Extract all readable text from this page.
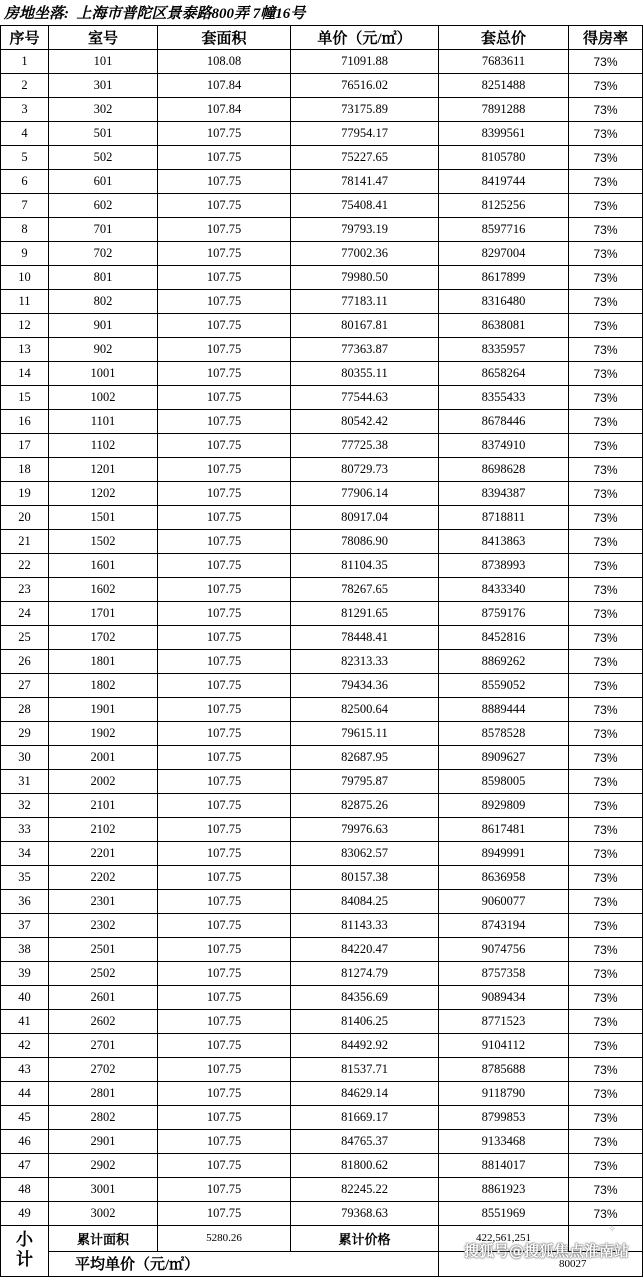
房地坐落:  上海市普陀区景泰路800弄 7幢16号
序号	室号	套面积	单价（元/㎡）	套总价	得房率
1	101	108.08	71091.88	7683611	73%
2	301	107.84	76516.02	8251488	73%
3	302	107.84	73175.89	7891288	73%
4	501	107.75	77954.17	8399561	73%
5	502	107.75	75227.65	8105780	73%
6	601	107.75	78141.47	8419744	73%
7	602	107.75	75408.41	8125256	73%
8	701	107.75	79793.19	8597716	73%
9	702	107.75	77002.36	8297004	73%
10	801	107.75	79980.50	8617899	73%
11	802	107.75	77183.11	8316480	73%
12	901	107.75	80167.81	8638081	73%
13	902	107.75	77363.87	8335957	73%
14	1001	107.75	80355.11	8658264	73%
15	1002	107.75	77544.63	8355433	73%
16	1101	107.75	80542.42	8678446	73%
17	1102	107.75	77725.38	8374910	73%
18	1201	107.75	80729.73	8698628	73%
19	1202	107.75	77906.14	8394387	73%
20	1501	107.75	80917.04	8718811	73%
21	1502	107.75	78086.90	8413863	73%
22	1601	107.75	81104.35	8738993	73%
23	1602	107.75	78267.65	8433340	73%
24	1701	107.75	81291.65	8759176	73%
25	1702	107.75	78448.41	8452816	73%
26	1801	107.75	82313.33	8869262	73%
27	1802	107.75	79434.36	8559052	73%
28	1901	107.75	82500.64	8889444	73%
29	1902	107.75	79615.11	8578528	73%
30	2001	107.75	82687.95	8909627	73%
31	2002	107.75	79795.87	8598005	73%
32	2101	107.75	82875.26	8929809	73%
33	2102	107.75	79976.63	8617481	73%
34	2201	107.75	83062.57	8949991	73%
35	2202	107.75	80157.38	8636958	73%
36	2301	107.75	84084.25	9060077	73%
37	2302	107.75	81143.33	8743194	73%
38	2501	107.75	84220.47	9074756	73%
39	2502	107.75	81274.79	8757358	73%
40	2601	107.75	84356.69	9089434	73%
41	2602	107.75	81406.25	8771523	73%
42	2701	107.75	84492.92	9104112	73%
43	2702	107.75	81537.71	8785688	73%
44	2801	107.75	84629.14	9118790	73%
45	2802	107.75	81669.17	8799853	73%
46	2901	107.75	84765.37	9133468	73%
47	2902	107.75	81800.62	8814017	73%
48	3001	107.75	82245.22	8861923	73%
49	3002	107.75	79368.63	8551969	73%

小计	累计面积	5280.26	累计价格	422,561,251	
	平均单价（元/㎡）			80027	
✧
搜狐号@搜狐焦点淮南站
